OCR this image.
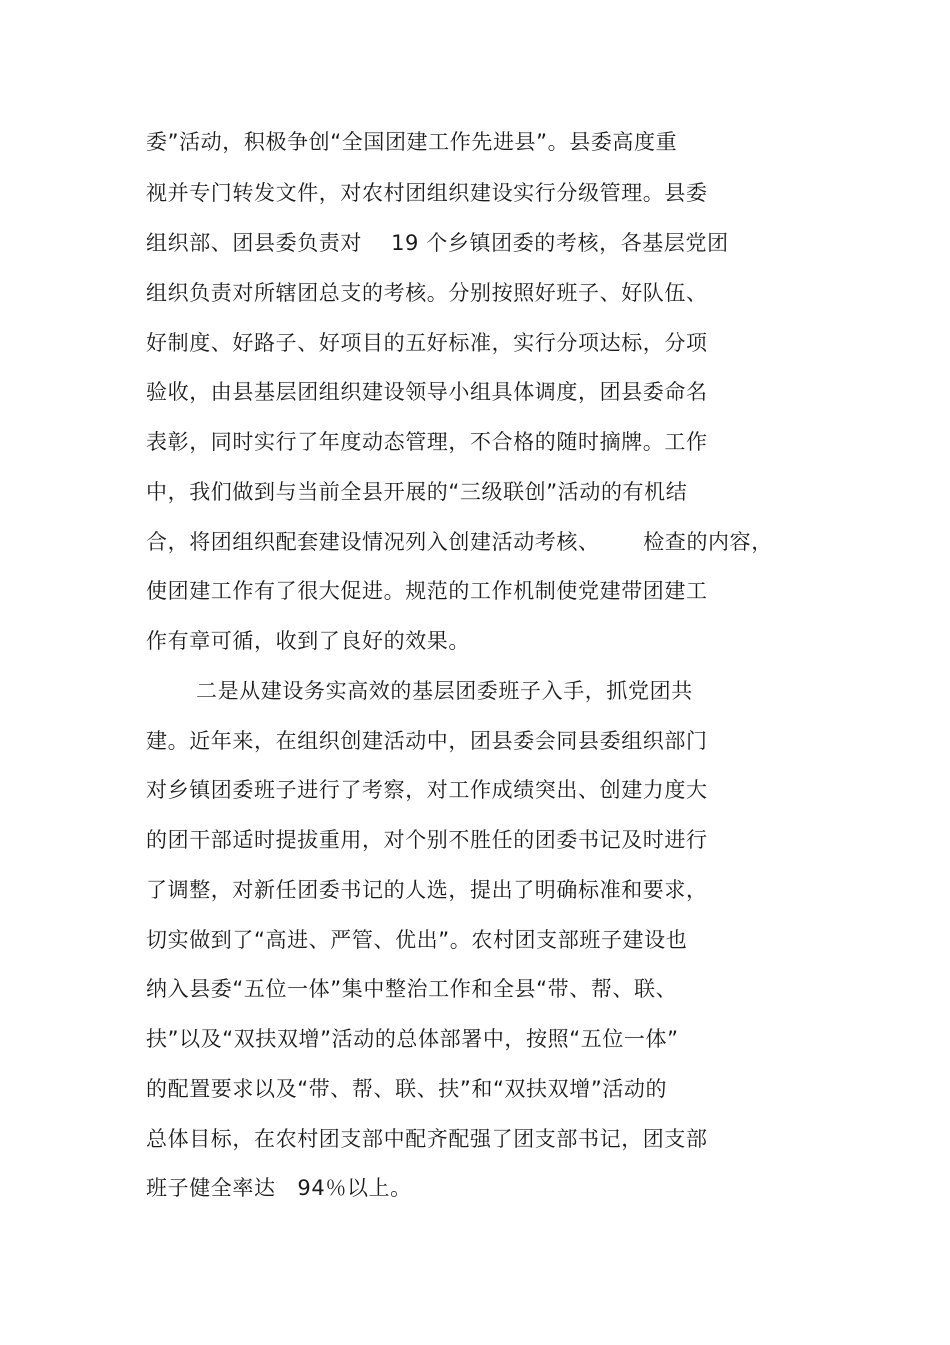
委”活动，积极争创“全国团建工作先进县”。县委高度重
视并专门转发文件，对农村团组织建设实行分级管理。县委
组织部、团县委负责对    19 个乡镇团委的考核，各基层党团
组织负责对所辖团总支的考核。分别按照好班子、好队伍、
好制度、好路子、好项目的五好标准，实行分项达标，分项
验收，由县基层团组织建设领导小组具体调度，团县委命名
表彰，同时实行了年度动态管理，不合格的随时摘牌。工作
中，我们做到与当前全县开展的“三级联创”活动的有机结
合，将团组织配套建设情况列入创建活动考核、      检查的内容，
使团建工作有了很大促进。规范的工作机制使党建带团建工
作有章可循，收到了良好的效果。
二是从建设务实高效的基层团委班子入手，抓党团共
建。近年来，在组织创建活动中，团县委会同县委组织部门
对乡镇团委班子进行了考察，对工作成绩突出、创建力度大
的团干部适时提拔重用，对个别不胜任的团委书记及时进行
了调整，对新任团委书记的人选，提出了明确标准和要求，
切实做到了“高进、严管、优出”。农村团支部班子建设也
纳入县委“五位一体”集中整治工作和全县“带、帮、联、
扶”以及“双扶双增”活动的总体部署中，按照“五位一体”
的配置要求以及“带、帮、联、扶”和“双扶双增”活动的
总体目标，在农村团支部中配齐配强了团支部书记，团支部
班子健全率达   94％以上。
